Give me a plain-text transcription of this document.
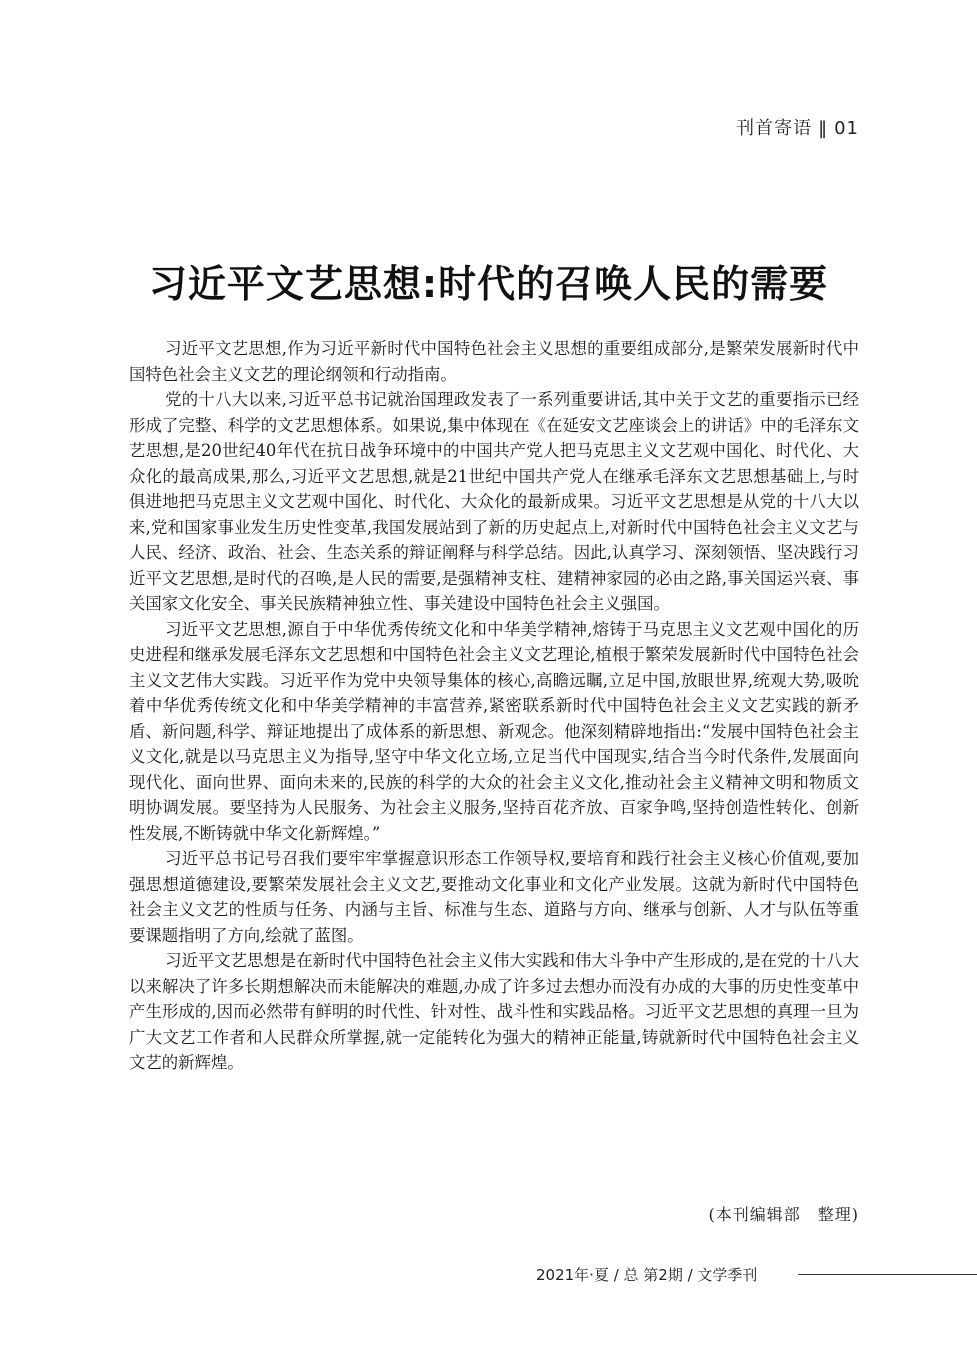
刊首寄语 ‖ 01
习近平文艺思想:时代的召唤人民的需要

习近平文艺思想,作为习近平新时代中国特色社会主义思想的重要组成部分,是繁荣发展新时代中国特色社会主义文艺的理论纲领和行动指南。

党的十八大以来,习近平总书记就治国理政发表了一系列重要讲话,其中关于文艺的重要指示已经形成了完整、科学的文艺思想体系。如果说,集中体现在《在延安文艺座谈会上的讲话》中的毛泽东文艺思想,是20世纪40年代在抗日战争环境中的中国共产党人把马克思主义文艺观中国化、时代化、大众化的最高成果,那么,习近平文艺思想,就是21世纪中国共产党人在继承毛泽东文艺思想基础上,与时俱进地把马克思主义文艺观中国化、时代化、大众化的最新成果。习近平文艺思想是从党的十八大以来,党和国家事业发生历史性变革,我国发展站到了新的历史起点上,对新时代中国特色社会主义文艺与人民、经济、政治、社会、生态关系的辩证阐释与科学总结。因此,认真学习、深刻领悟、坚决践行习近平文艺思想,是时代的召唤,是人民的需要,是强精神支柱、建精神家园的必由之路,事关国运兴衰、事关国家文化安全、事关民族精神独立性、事关建设中国特色社会主义强国。

习近平文艺思想,源自于中华优秀传统文化和中华美学精神,熔铸于马克思主义文艺观中国化的历史进程和继承发展毛泽东文艺思想和中国特色社会主义文艺理论,植根于繁荣发展新时代中国特色社会主义文艺伟大实践。习近平作为党中央领导集体的核心,高瞻远瞩,立足中国,放眼世界,统观大势,吸吮着中华优秀传统文化和中华美学精神的丰富营养,紧密联系新时代中国特色社会主义文艺实践的新矛盾、新问题,科学、辩证地提出了成体系的新思想、新观念。他深刻精辟地指出:“发展中国特色社会主义文化,就是以马克思主义为指导,坚守中华文化立场,立足当代中国现实,结合当今时代条件,发展面向现代化、面向世界、面向未来的,民族的科学的大众的社会主义文化,推动社会主义精神文明和物质文明协调发展。要坚持为人民服务、为社会主义服务,坚持百花齐放、百家争鸣,坚持创造性转化、创新性发展,不断铸就中华文化新辉煌。”

习近平总书记号召我们要牢牢掌握意识形态工作领导权,要培育和践行社会主义核心价值观,要加强思想道德建设,要繁荣发展社会主义文艺,要推动文化事业和文化产业发展。这就为新时代中国特色社会主义文艺的性质与任务、内涵与主旨、标准与生态、道路与方向、继承与创新、人才与队伍等重要课题指明了方向,绘就了蓝图。

习近平文艺思想是在新时代中国特色社会主义伟大实践和伟大斗争中产生形成的,是在党的十八大以来解决了许多长期想解决而未能解决的难题,办成了许多过去想办而没有办成的大事的历史性变革中产生形成的,因而必然带有鲜明的时代性、针对性、战斗性和实践品格。习近平文艺思想的真理一旦为广大文艺工作者和人民群众所掌握,就一定能转化为强大的精神正能量,铸就新时代中国特色社会主义文艺的新辉煌。

(本刊编辑部　整理)
2021年·夏 / 总 第2期 / 文学季刊
